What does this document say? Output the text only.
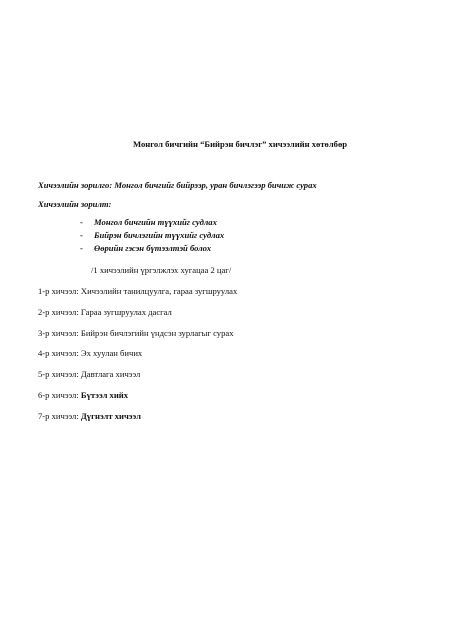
Монгол бичгийн “Бийрэн бичлэг” хичээлийн хөтөлбөр
Хичээлийн зорилго: Монгол бичгийг бийрээр, уран бичлэгээр бичиж сурах
Хичээлийн зорилт:
- Монгол бичгийн түүхийг судлах
- Бийрэн бичлэгийн түүхийг судлах
- Өөрийн гэсэн бүтээлтэй болох
/1 хичээлийн үргэлжлэх хугацаа 2 цаг/
1-р хичээл: Хичээлийн танилцуулга, гараа зугшруулах
2-р хичээл: Гараа зугшруулах дасгал
3-р хичээл: Бийрэн бичлэгийн үндсэн зурлагыг сурах
4-р хичээл: Эх хуулан бичих
5-р хичээл: Давтлага хичээл
6-р хичээл: Бүтээл хийх
7-р хичээл: Дүгнэлт хичээл
